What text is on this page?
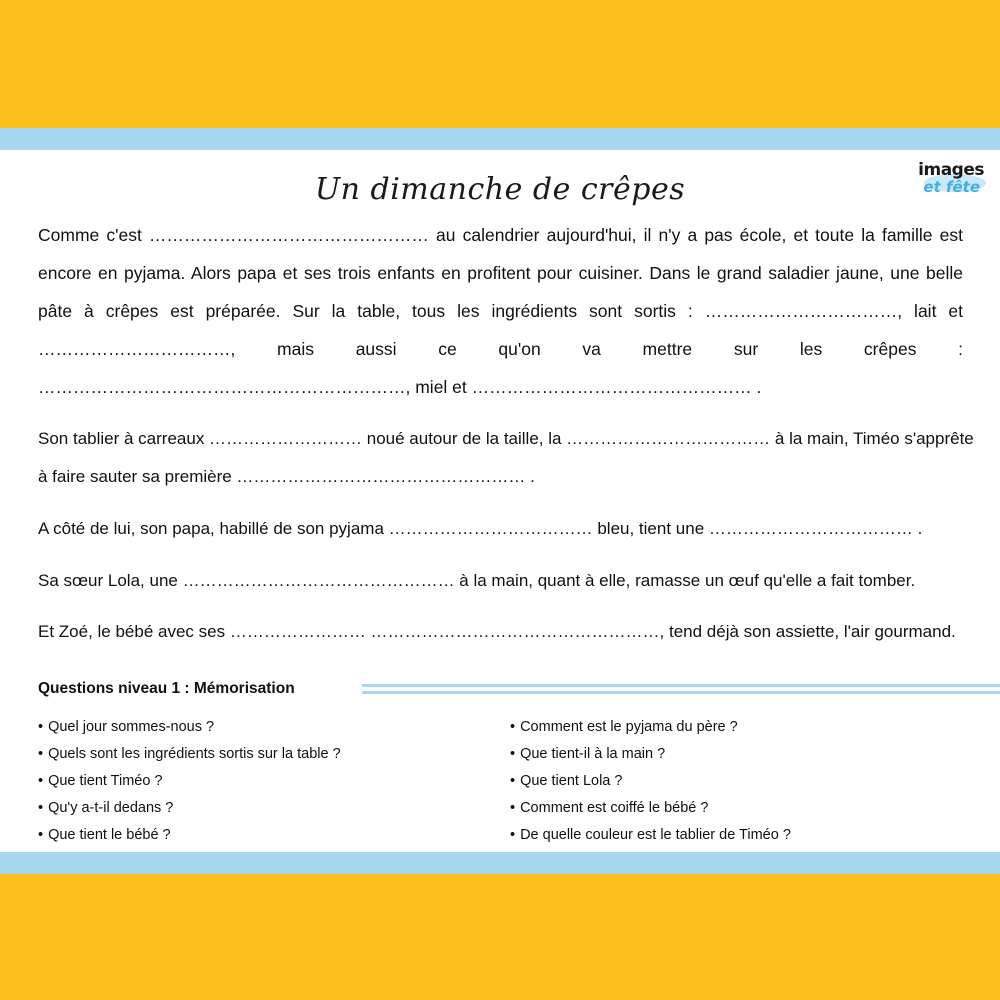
images
et fête
Un dimanche de crêpes
Comme c'est ………………………………………… au calendrier aujourd'hui, il n'y a pas école, et toute la famille est encore en pyjama. Alors papa et ses trois enfants en profitent pour cuisiner. Dans le grand saladier jaune, une belle pâte à crêpes est préparée. Sur la table, tous les ingrédients sont sortis : ……………………………, lait et ……………………………, mais aussi ce qu'on va mettre sur les crêpes : ………………………………………………………, miel et ………………………………………… .
Son tablier à carreaux ……………………… noué autour de la taille, la ……………………………… à la main, Timéo s'apprête
à faire sauter sa première …………………………………………… .
A côté de lui, son papa, habillé de son pyjama ……………………………… bleu, tient une ……………………………… .
Sa sœur Lola, une ………………………………………… à la main, quant à elle, ramasse un œuf qu'elle a fait tomber.
Et Zoé, le bébé avec ses …………………… ……………………………………………, tend déjà son assiette, l'air gourmand.
Questions niveau 1 : Mémorisation
• Quel jour sommes-nous ?
• Quels sont les ingrédients sortis sur la table ?
• Que tient Timéo ?
• Qu'y a-t-il dedans ?
• Que tient le bébé ?
• Comment est le pyjama du père ?
• Que tient-il à la main ?
• Que tient Lola ?
• Comment est coiffé le bébé ?
• De quelle couleur est le tablier de Timéo ?
